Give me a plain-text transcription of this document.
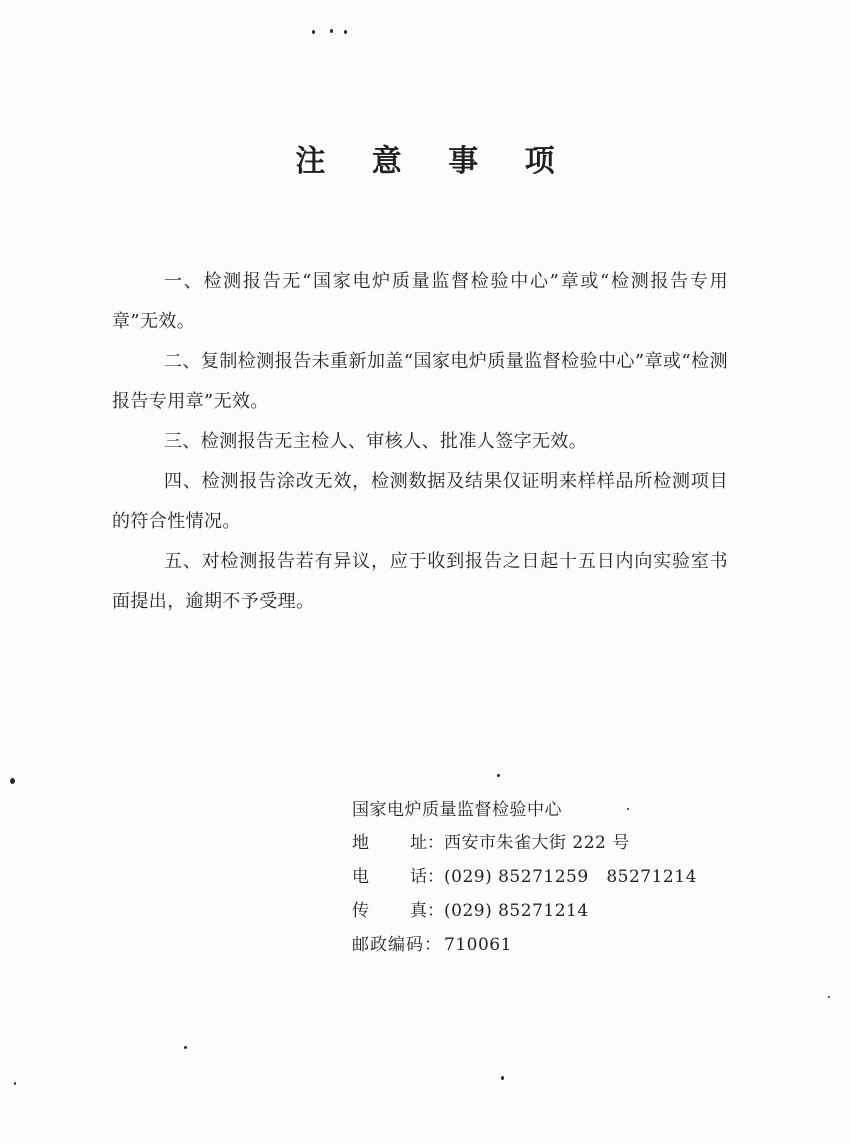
注 意 事 项

一、检测报告无“国家电炉质量监督检验中心”章或“检测报告专用章”无效。

二、复制检测报告未重新加盖“国家电炉质量监督检验中心”章或“检测报告专用章”无效。

三、检测报告无主检人、审核人、批准人签字无效。

四、检测报告涂改无效，检测数据及结果仅证明来样样品所检测项目的符合性情况。

五、对检测报告若有异议，应于收到报告之日起十五日内向实验室书面提出，逾期不予受理。

国家电炉质量监督检验中心
地 址： 西安市朱雀大街 222 号
电 话： (029) 85271259   85271214
传 真： (029) 85271214
邮政编码： 710061
